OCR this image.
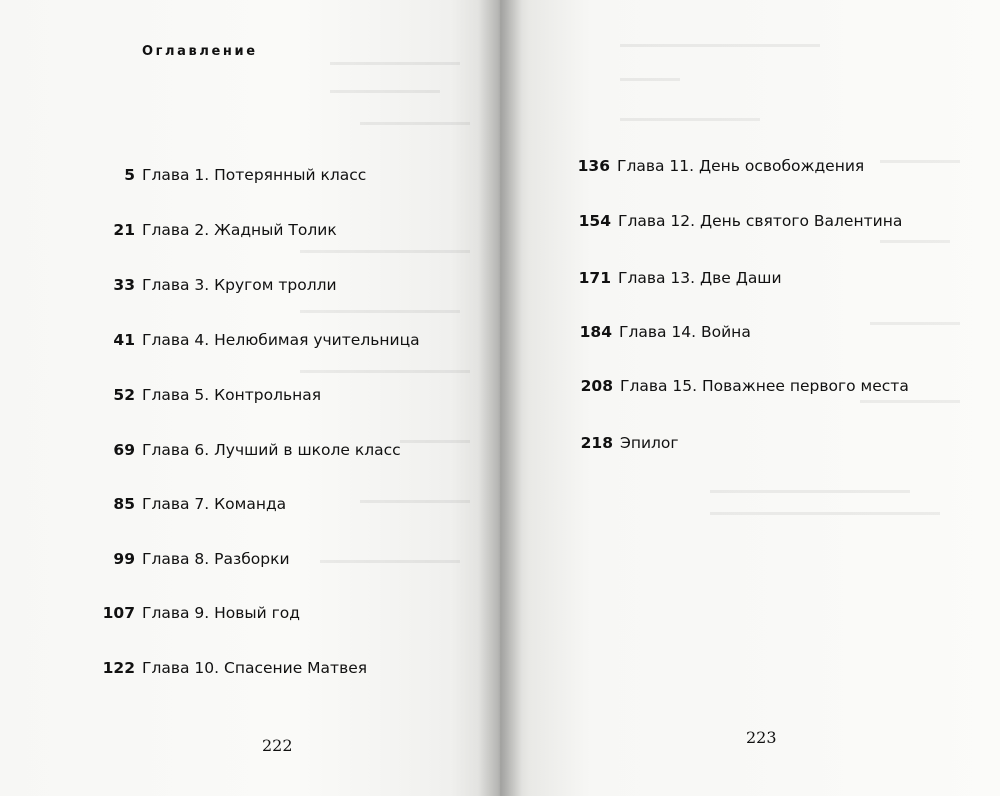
Оглавление
5 Глава 1. Потерянный класс
21 Глава 2. Жадный Толик
33 Глава 3. Кругом тролли
41 Глава 4. Нелюбимая учительница
52 Глава 5. Контрольная
69 Глава 6. Лучший в школе класс
85 Глава 7. Команда
99 Глава 8. Разборки
107 Глава 9. Новый год
122 Глава 10. Спасение Матвея
222
136 Глава 11. День освобождения
154 Глава 12. День святого Валентина
171 Глава 13. Две Даши
184 Глава 14. Война
208 Глава 15. Поважнее первого места
218 Эпилог
223
